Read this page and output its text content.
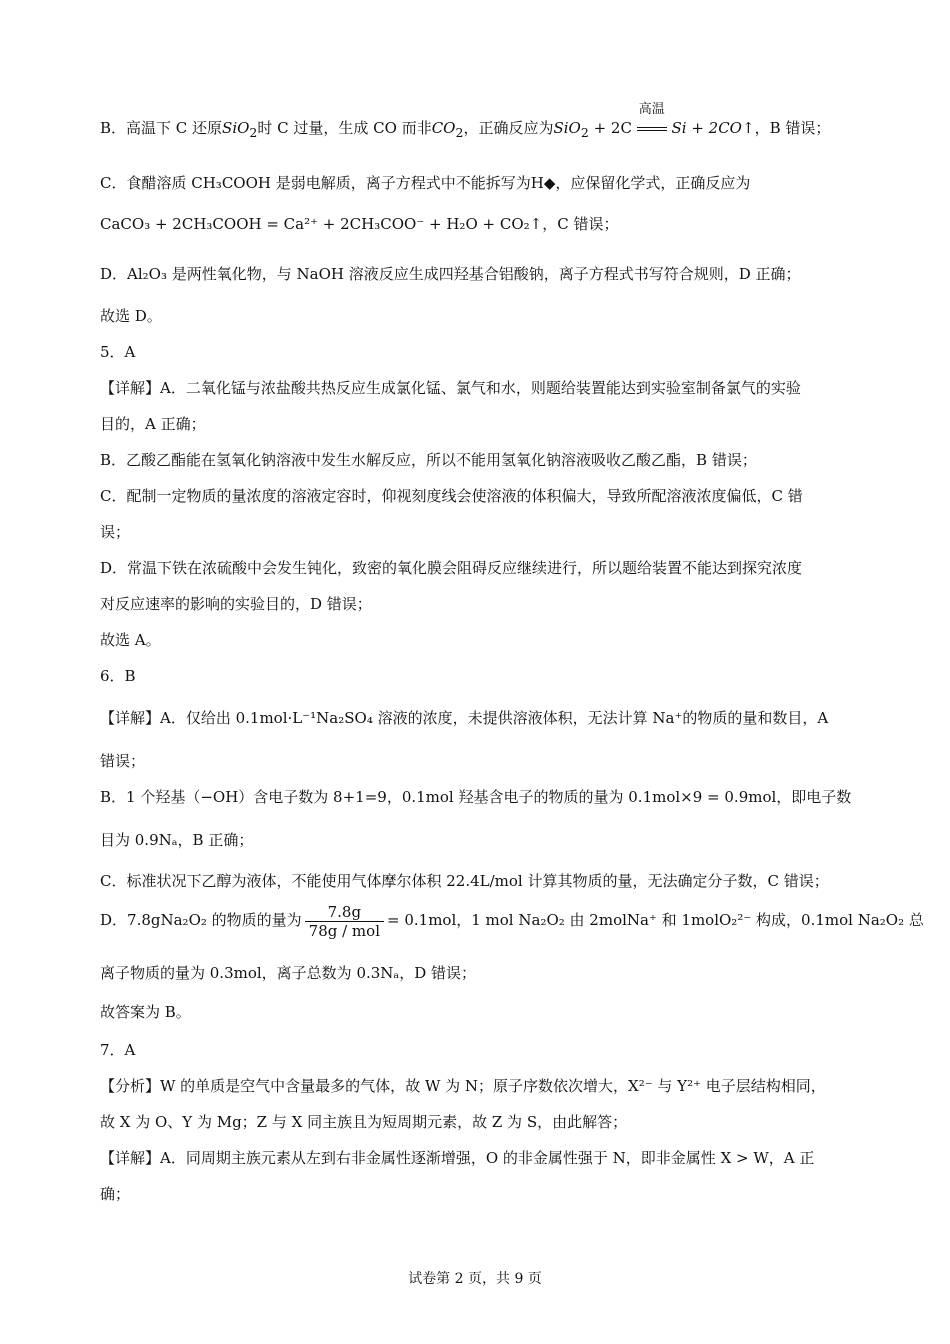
B．高温下 C 还原SiO$_2$时 C 过量，生成 CO 而非$CO_2$，正确反应为SiO$_2$ + 2C
高温
Si + 2CO↑，B 错误；
C．食醋溶质 CH₃COOH 是弱电解质，离子方程式中不能拆写为H◆，应保留化学式，正确反应为
CaCO₃ + 2CH₃COOH = Ca²⁺ + 2CH₃COO⁻ + H₂O + CO₂↑，C 错误；
D．Al₂O₃ 是两性氧化物，与 NaOH 溶液反应生成四羟基合铝酸钠，离子方程式书写符合规则，D 正确；
故选 D。
5．A
【详解】A．二氧化锰与浓盐酸共热反应生成氯化锰、氯气和水，则题给装置能达到实验室制备氯气的实验
目的，A 正确；
B．乙酸乙酯能在氢氧化钠溶液中发生水解反应，所以不能用氢氧化钠溶液吸收乙酸乙酯，B 错误；
C．配制一定物质的量浓度的溶液定容时，仰视刻度线会使溶液的体积偏大，导致所配溶液浓度偏低，C 错
误；
D．常温下铁在浓硫酸中会发生钝化，致密的氧化膜会阻碍反应继续进行，所以题给装置不能达到探究浓度
对反应速率的影响的实验目的，D 错误；
故选 A。
6．B
【详解】A．仅给出 0.1mol·L⁻¹Na₂SO₄ 溶液的浓度，未提供溶液体积，无法计算 Na⁺的物质的量和数目，A
错误；
B．1 个羟基（−OH）含电子数为 8+1=9，0.1mol 羟基含电子的物质的量为 0.1mol×9 = 0.9mol，即电子数
目为 0.9Nₐ，B 正确；
C．标准状况下乙醇为液体，不能使用气体摩尔体积 22.4L/mol 计算其物质的量，无法确定分子数，C 错误；
D．7.8gNa₂O₂ 的物质的量为 $\frac{7.8g}{\text{78g / mol}} = 0.1mol$，1 mol Na₂O₂ 由 2molNa⁺ 和 1molO₂²⁻ 构成，0.1mol Na₂O₂ 总
离子物质的量为 0.3mol，离子总数为 0.3Nₐ，D 错误；
故答案为 B。
7．A
【分析】W 的单质是空气中含量最多的气体，故 W 为 N；原子序数依次增大，X²⁻ 与 Y²⁺ 电子层结构相同，
故 X 为 O、Y 为 Mg；Z 与 X 同主族且为短周期元素，故 Z 为 S，由此解答；
【详解】A．同周期主族元素从左到右非金属性逐渐增强，O 的非金属性强于 N，即非金属性 X > W，A 正
确；
试卷第 2 页，共 9 页
